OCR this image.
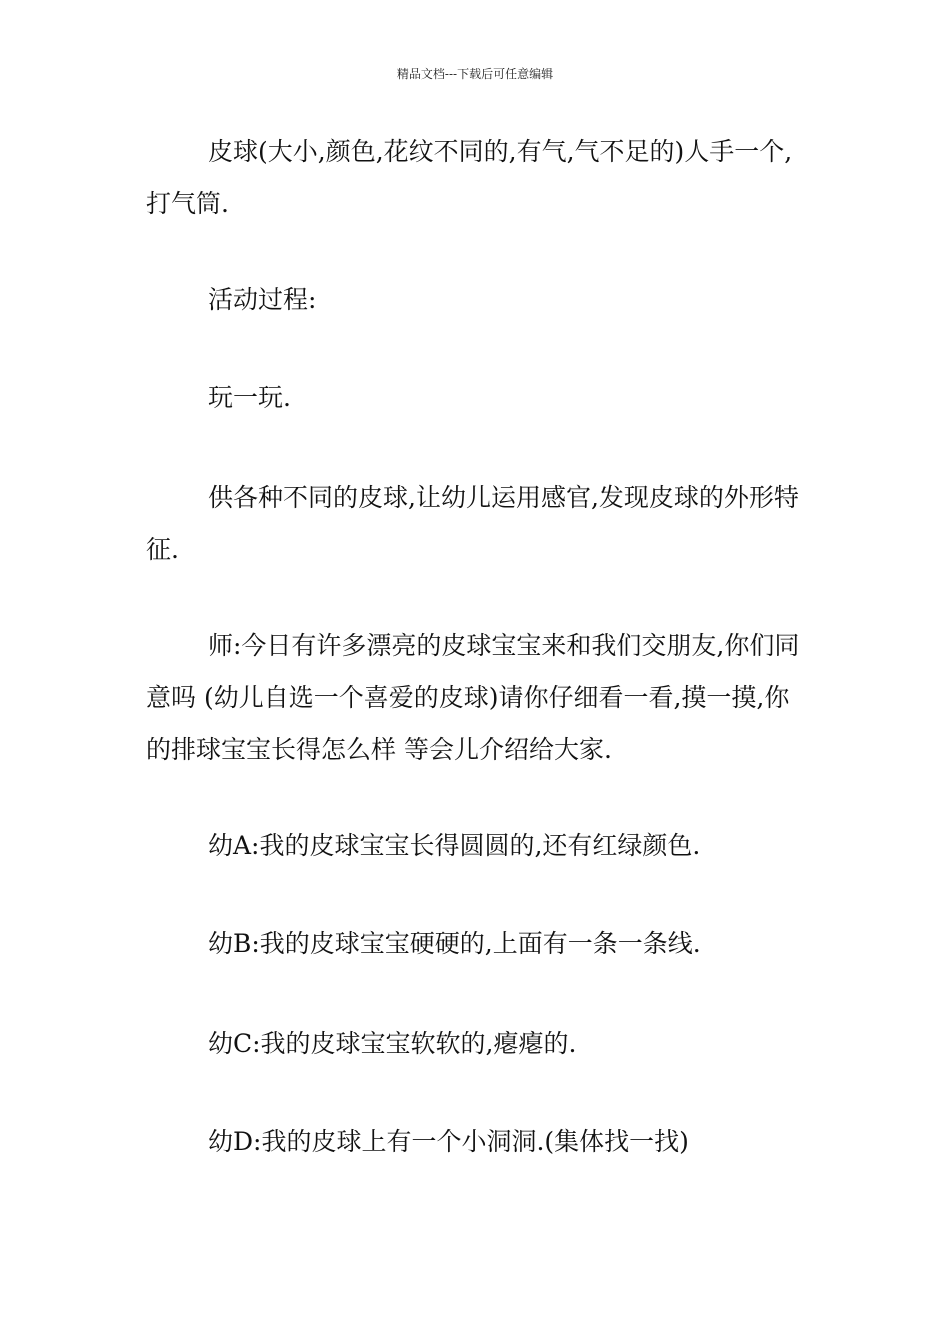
精品文档---下载后可任意编辑

皮球(大小,颜色,花纹不同的,有气,气不足的)人手一个,打气筒.

活动过程:

玩一玩.

供各种不同的皮球,让幼儿运用感官,发现皮球的外形特征.

师:今日有许多漂亮的皮球宝宝来和我们交朋友,你们同意吗 (幼儿自选一个喜爱的皮球)请你仔细看一看,摸一摸,你的排球宝宝长得怎么样 等会儿介绍给大家.

幼A:我的皮球宝宝长得圆圆的,还有红绿颜色.

幼B:我的皮球宝宝硬硬的,上面有一条一条线.

幼C:我的皮球宝宝软软的,瘪瘪的.

幼D:我的皮球上有一个小洞洞.(集体找一找)
